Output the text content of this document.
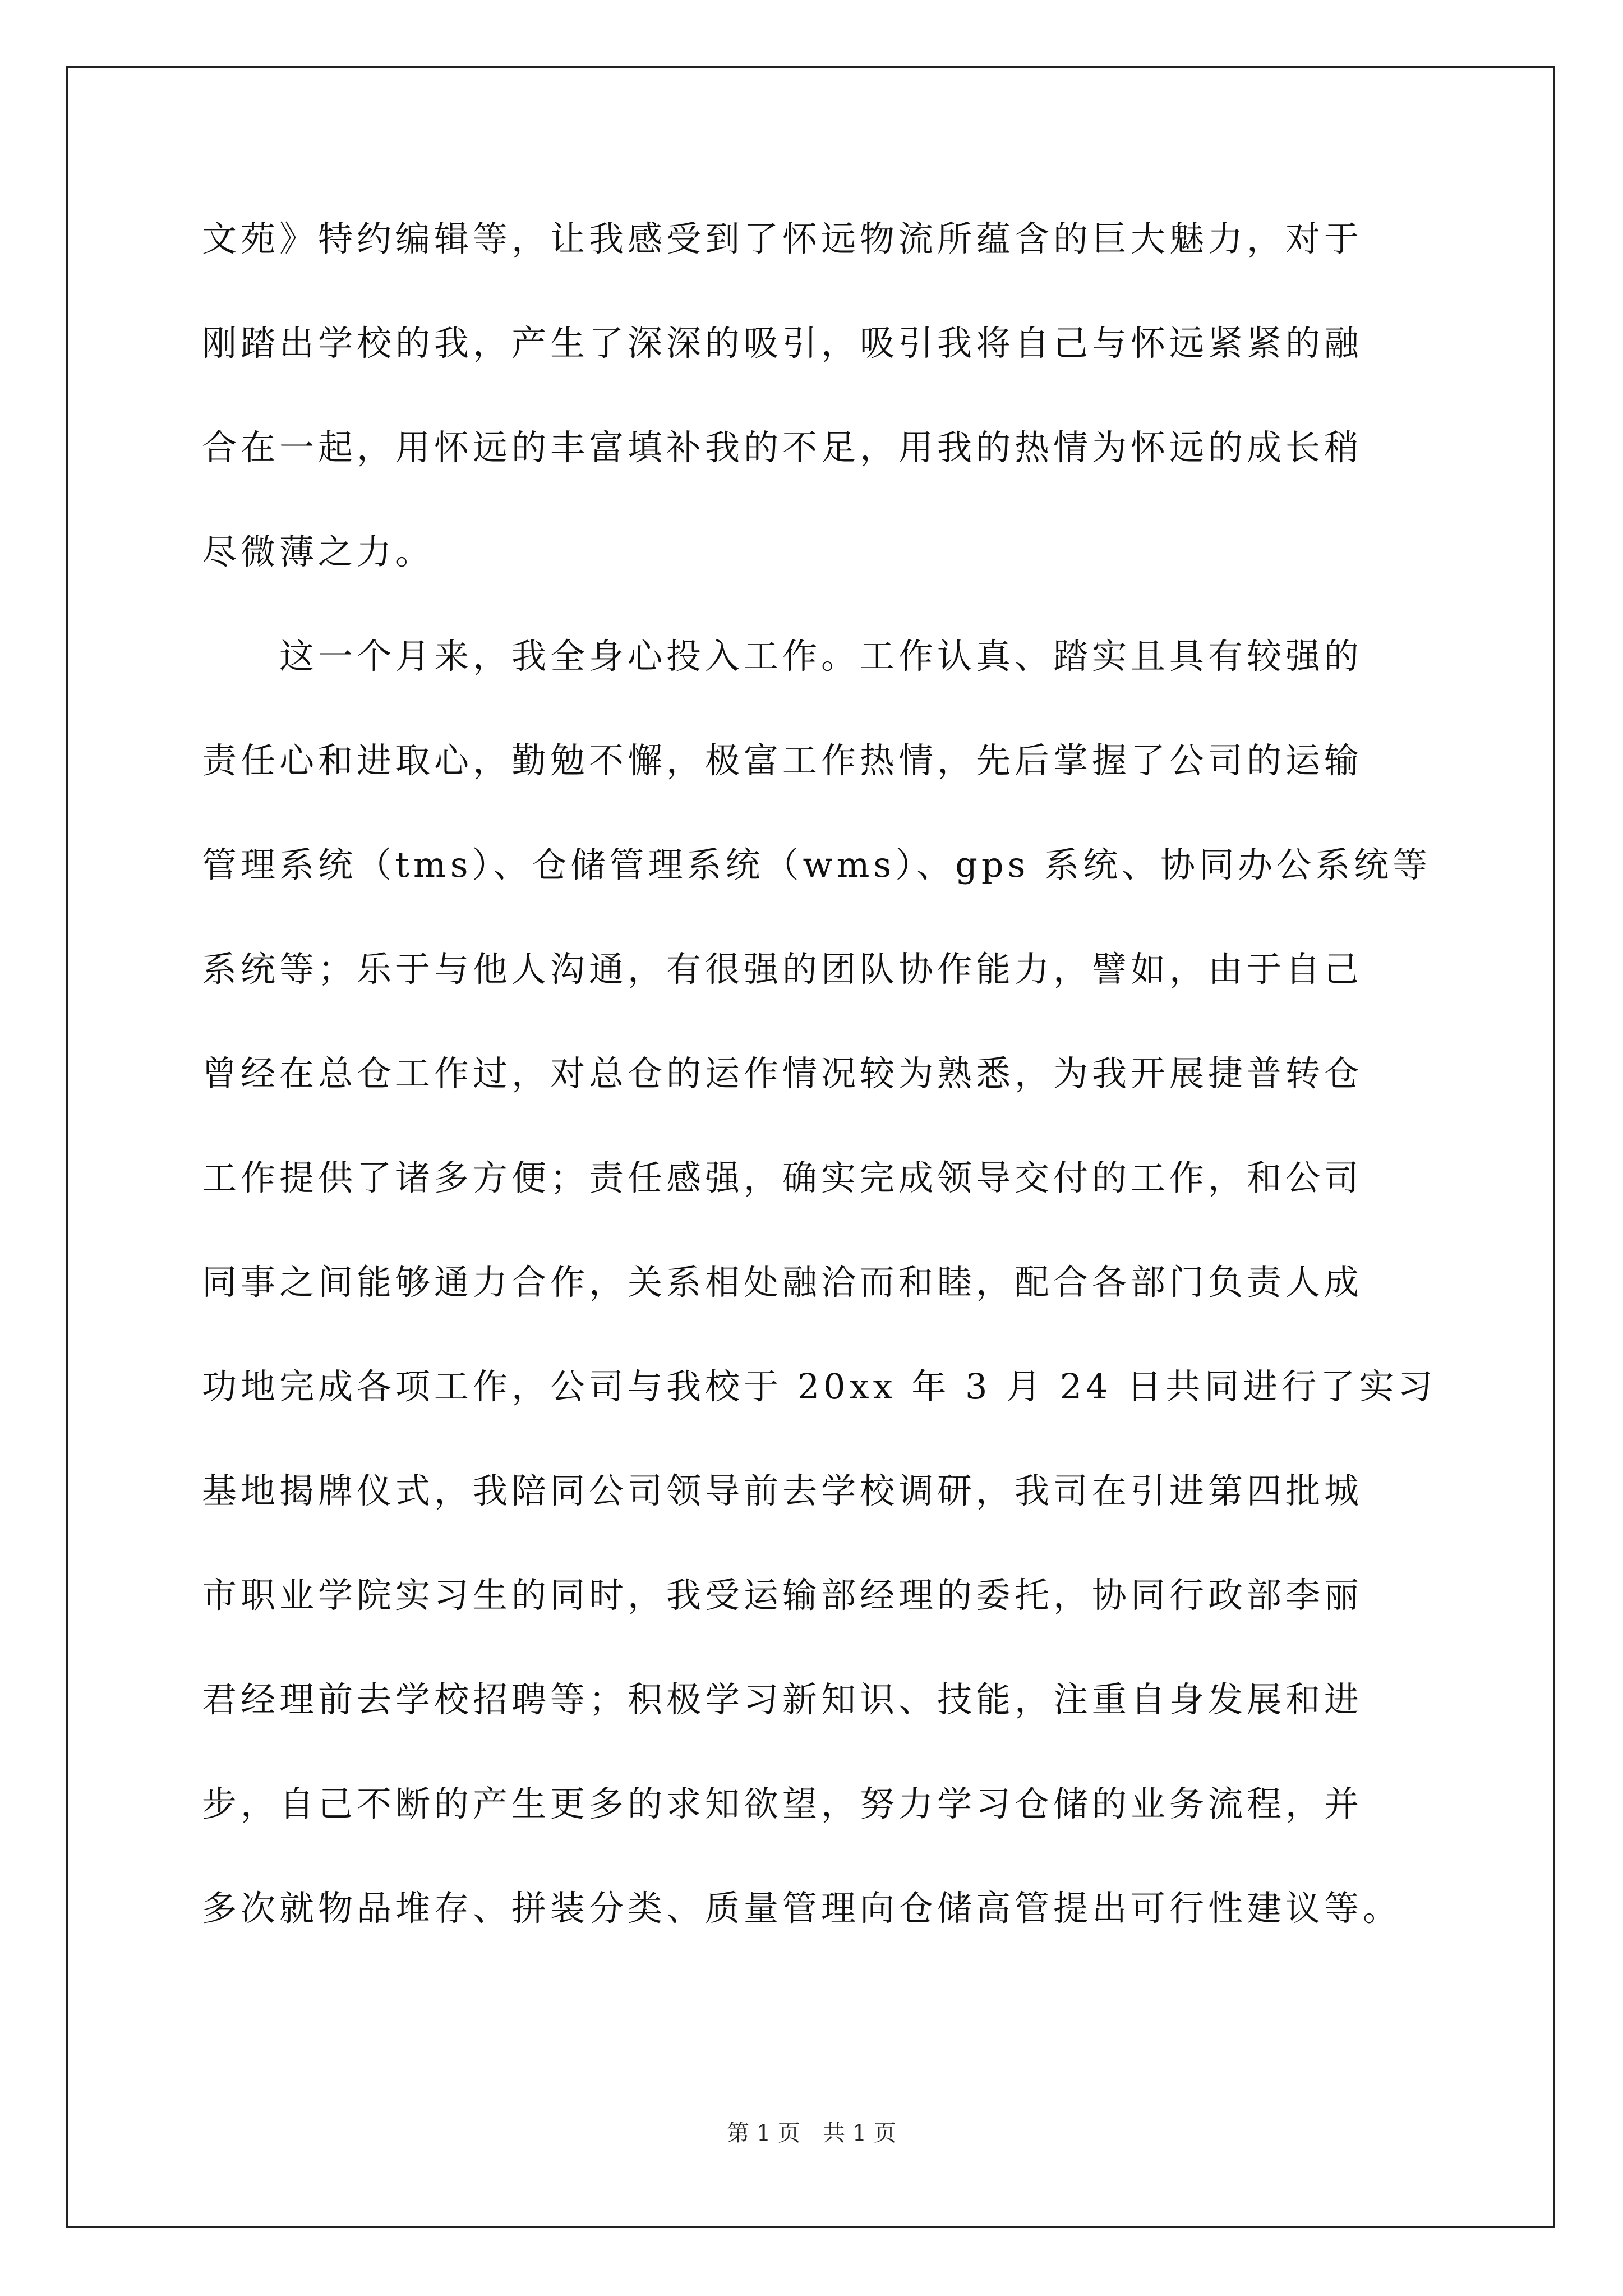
文苑》特约编辑等，让我感受到了怀远物流所蕴含的巨大魅力，对于
刚踏出学校的我，产生了深深的吸引，吸引我将自己与怀远紧紧的融
合在一起，用怀远的丰富填补我的不足，用我的热情为怀远的成长稍
尽微薄之力。
　　这一个月来，我全身心投入工作。工作认真、踏实且具有较强的
责任心和进取心，勤勉不懈，极富工作热情，先后掌握了公司的运输
管理系统（tms）、仓储管理系统（wms）、gps 系统、协同办公系统等
系统等；乐于与他人沟通，有很强的团队协作能力，譬如，由于自己
曾经在总仓工作过，对总仓的运作情况较为熟悉，为我开展捷普转仓
工作提供了诸多方便；责任感强，确实完成领导交付的工作，和公司
同事之间能够通力合作，关系相处融洽而和睦，配合各部门负责人成
功地完成各项工作，公司与我校于 20xx 年 3 月 24 日共同进行了实习
基地揭牌仪式，我陪同公司领导前去学校调研，我司在引进第四批城
市职业学院实习生的同时，我受运输部经理的委托，协同行政部李丽
君经理前去学校招聘等；积极学习新知识、技能，注重自身发展和进
步，自己不断的产生更多的求知欲望，努力学习仓储的业务流程，并
多次就物品堆存、拼装分类、质量管理向仓储高管提出可行性建议等。
第 1 页　共 1 页
